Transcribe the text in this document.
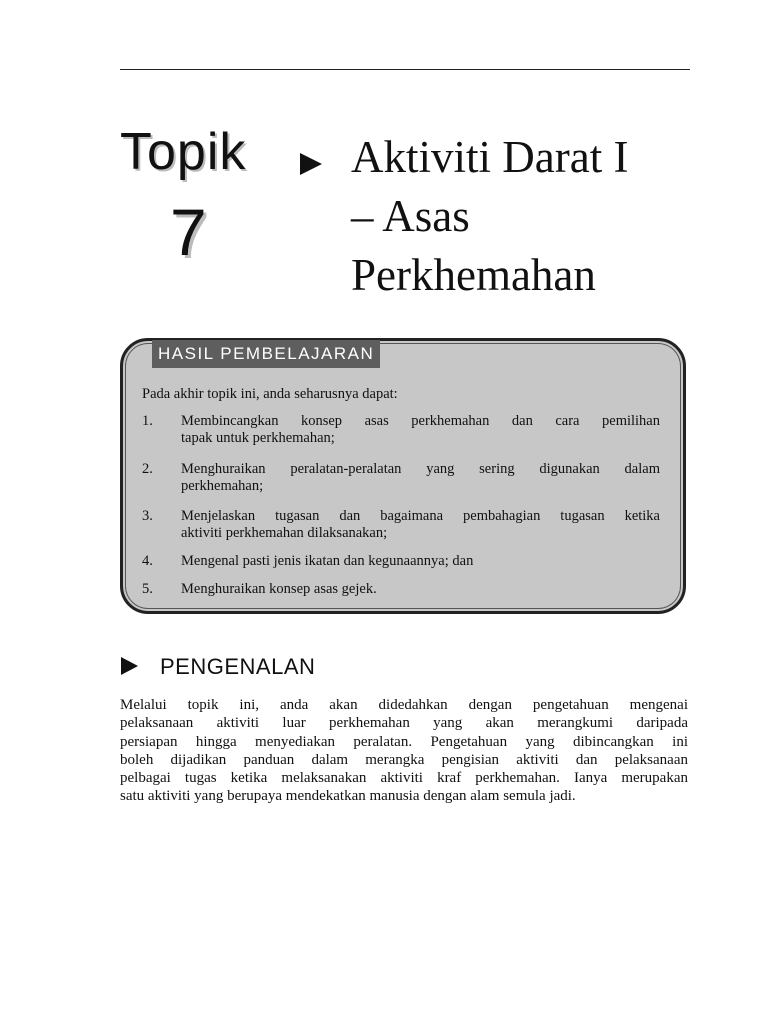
Topik
7
Aktiviti Darat I
– Asas
Perkhemahan
HASIL PEMBELAJARAN
Pada akhir topik ini, anda seharusnya dapat:
1. Membincangkan konsep asas perkhemahan dan cara pemilihan
tapak untuk perkhemahan;
2. Menghuraikan peralatan-peralatan yang sering digunakan dalam
perkhemahan;
3. Menjelaskan tugasan dan bagaimana pembahagian tugasan ketika
aktiviti perkhemahan dilaksanakan;
4. Mengenal pasti jenis ikatan dan kegunaannya; dan
5. Menghuraikan konsep asas gejek.
PENGENALAN
Melalui topik ini, anda akan didedahkan dengan pengetahuan mengenai
pelaksanaan aktiviti luar perkhemahan yang akan merangkumi daripada
persiapan hingga menyediakan peralatan. Pengetahuan yang dibincangkan ini
boleh dijadikan panduan dalam merangka pengisian aktiviti dan pelaksanaan
pelbagai tugas ketika melaksanakan aktiviti kraf perkhemahan. Ianya merupakan
satu aktiviti yang berupaya mendekatkan manusia dengan alam semula jadi.
